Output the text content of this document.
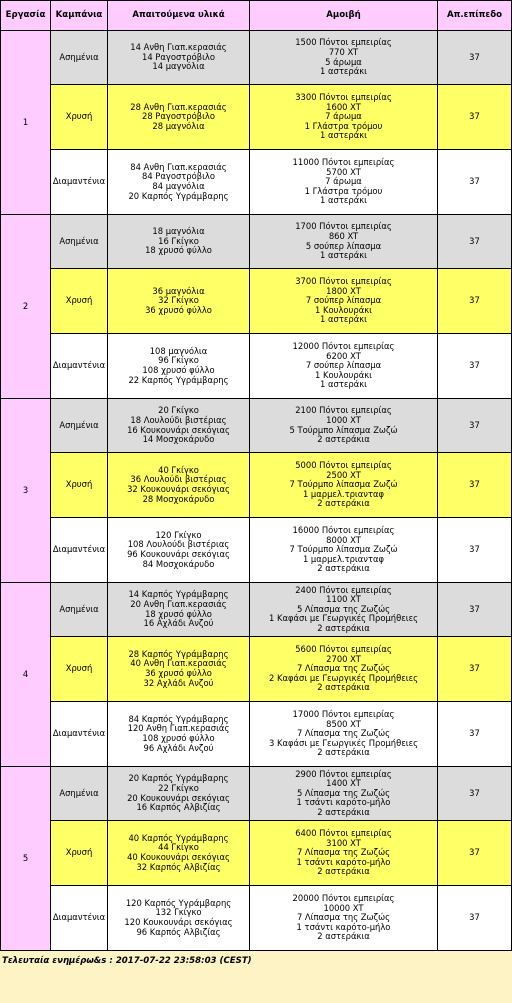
Εργασία	Καμπάνια	Απαιτούμενα υλικά	Αμοιβή	Απ.επίπεδο
1	Ασημένια	14 Ανθη Γιαπ.κερασιάς
14 Ραγοστρόβιλο
14 μαγνόλια	1500 Πόντοι εμπειρίας
770 XT
5 άρωμα
1 αστεράκι	37
	Χρυσή	28 Ανθη Γιαπ.κερασιάς
28 Ραγοστρόβιλο
28 μαγνόλια	3300 Πόντοι εμπειρίας
1600 XT
7 άρωμα
1 Γλάστρα τρόμου
1 αστεράκι	37
	Διαμαντένια	84 Ανθη Γιαπ.κερασιάς
84 Ραγοστρόβιλο
84 μαγνόλια
20 Καρπός Υγράμβαρης	11000 Πόντοι εμπειρίας
5700 XT
7 άρωμα
1 Γλάστρα τρόμου
1 αστεράκι	37
2	Ασημένια	18 μαγνόλια
16 Γκίγκο
18 χρυσό φύλλο	1700 Πόντοι εμπειρίας
860 XT
5 σούπερ λίπασμα
1 αστεράκι	37
	Χρυσή	36 μαγνόλια
32 Γκίγκο
36 χρυσό φύλλο	3700 Πόντοι εμπειρίας
1800 XT
7 σούπερ λίπασμα
1 Κουλουράκι
1 αστεράκι	37
	Διαμαντένια	108 μαγνόλια
96 Γκίγκο
108 χρυσό φύλλο
22 Καρπός Υγράμβαρης	12000 Πόντοι εμπειρίας
6200 XT
7 σούπερ λίπασμα
1 Κουλουράκι
1 αστεράκι	37
3	Ασημένια	20 Γκίγκο
18 Λουλούδι βιστέριας
16 Κουκουνάρι σεκόγιας
14 Μοσχοκάρυδο	2100 Πόντοι εμπειρίας
1000 XT
5 Τούρμπο λίπασμα Ζωζώ
2 αστεράκια	37
	Χρυσή	40 Γκίγκο
36 Λουλούδι βιστέριας
32 Κουκουνάρι σεκόγιας
28 Μοσχοκάρυδο	5000 Πόντοι εμπειρίας
2500 XT
7 Τούρμπο λίπασμα Ζωζώ
1 μαρμελ.τριανταφ
2 αστεράκια	37
	Διαμαντένια	120 Γκίγκο
108 Λουλούδι βιστέριας
96 Κουκουνάρι σεκόγιας
84 Μοσχοκάρυδο	16000 Πόντοι εμπειρίας
8000 XT
7 Τούρμπο λίπασμα Ζωζώ
1 μαρμελ.τριανταφ
2 αστεράκια	37
4	Ασημένια	14 Καρπός Υγράμβαρης
20 Ανθη Γιαπ.κερασιάς
18 χρυσό φύλλο
16 Αχλάδι Ανζού	2400 Πόντοι εμπειρίας
1100 XT
5 Λίπασμα της Ζωζώς
1 Καφάσι με Γεωργικές Προμήθειες
2 αστεράκια	37
	Χρυσή	28 Καρπός Υγράμβαρης
40 Ανθη Γιαπ.κερασιάς
36 χρυσό φύλλο
32 Αχλάδι Ανζού	5600 Πόντοι εμπειρίας
2700 XT
7 Λίπασμα της Ζωζώς
2 Καφάσι με Γεωργικές Προμήθειες
2 αστεράκια	37
	Διαμαντένια	84 Καρπός Υγράμβαρης
120 Ανθη Γιαπ.κερασιάς
108 χρυσό φύλλο
96 Αχλάδι Ανζού	17000 Πόντοι εμπειρίας
8500 XT
7 Λίπασμα της Ζωζώς
3 Καφάσι με Γεωργικές Προμήθειες
2 αστεράκια	37
5	Ασημένια	20 Καρπός Υγράμβαρης
22 Γκίγκο
20 Κουκουνάρι σεκόγιας
16 Καρπός Αλβιζίας	2900 Πόντοι εμπειρίας
1400 XT
5 Λίπασμα της Ζωζώς
1 τσάντι καρότο-μήλο
2 αστεράκια	37
	Χρυσή	40 Καρπός Υγράμβαρης
44 Γκίγκο
40 Κουκουνάρι σεκόγιας
32 Καρπός Αλβιζίας	6400 Πόντοι εμπειρίας
3100 XT
7 Λίπασμα της Ζωζώς
1 τσάντι καρότο-μήλο
2 αστεράκια	37
	Διαμαντένια	120 Καρπός Υγράμβαρης
132 Γκίγκο
120 Κουκουνάρι σεκόγιας
96 Καρπός Αλβιζίας	20000 Πόντοι εμπειρίας
10000 XT
7 Λίπασμα της Ζωζώς
1 τσάντι καρότο-μήλο
2 αστεράκια	37
Τελευταία ενημέρω&s : 2017-07-22 23:58:03 (CEST)
